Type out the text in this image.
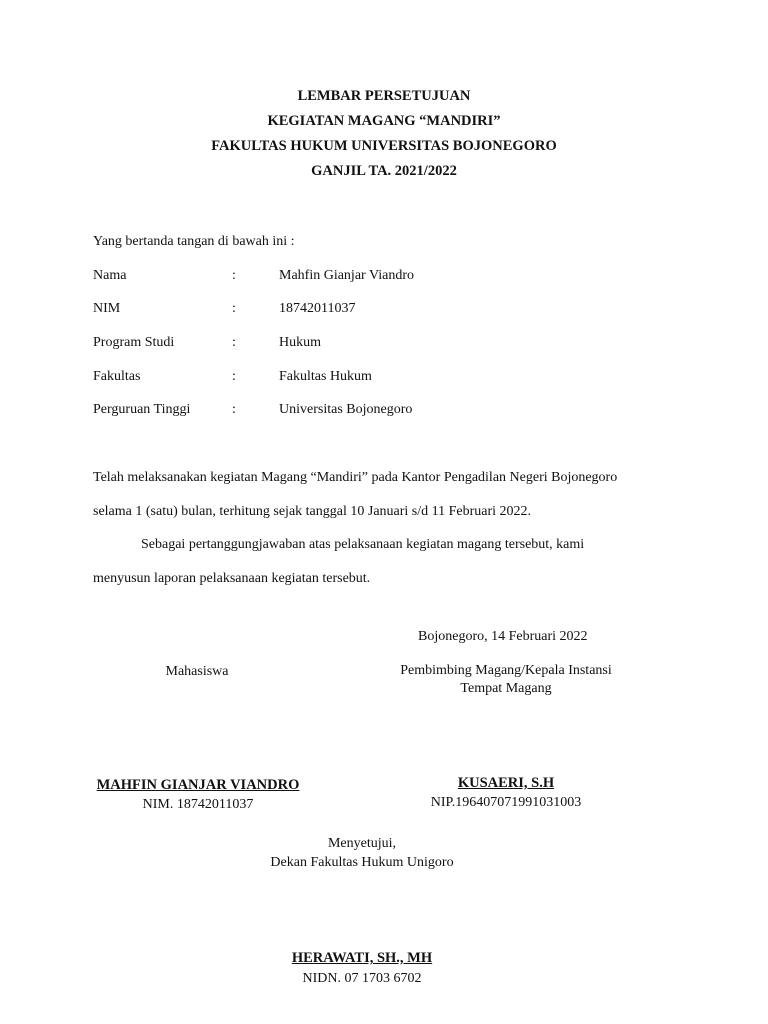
LEMBAR PERSETUJUAN
KEGIATAN MAGANG “MANDIRI”
FAKULTAS HUKUM UNIVERSITAS BOJONEGORO
GANJIL TA. 2021/2022
Yang bertanda tangan di bawah ini :
Nama	:	Mahfin Gianjar Viandro
NIM	:	18742011037
Program Studi	:	Hukum
Fakultas	:	Fakultas Hukum
Perguruan Tinggi	:	Universitas Bojonegoro
Telah melaksanakan kegiatan Magang “Mandiri” pada Kantor Pengadilan Negeri Bojonegoro
selama 1 (satu) bulan, terhitung sejak tanggal 10 Januari s/d 11 Februari 2022.
Sebagai pertanggungjawaban atas pelaksanaan kegiatan magang tersebut, kami
menyusun laporan pelaksanaan kegiatan tersebut.
Bojonegoro, 14 Februari 2022
Mahasiswa	Pembimbing Magang/Kepala Instansi
Tempat Magang
MAHFIN GIANJAR VIANDRO
NIM. 18742011037
KUSAERI, S.H
NIP.196407071991031003
Menyetujui,
Dekan Fakultas Hukum Unigoro
HERAWATI, SH., MH
NIDN. 07 1703 6702
